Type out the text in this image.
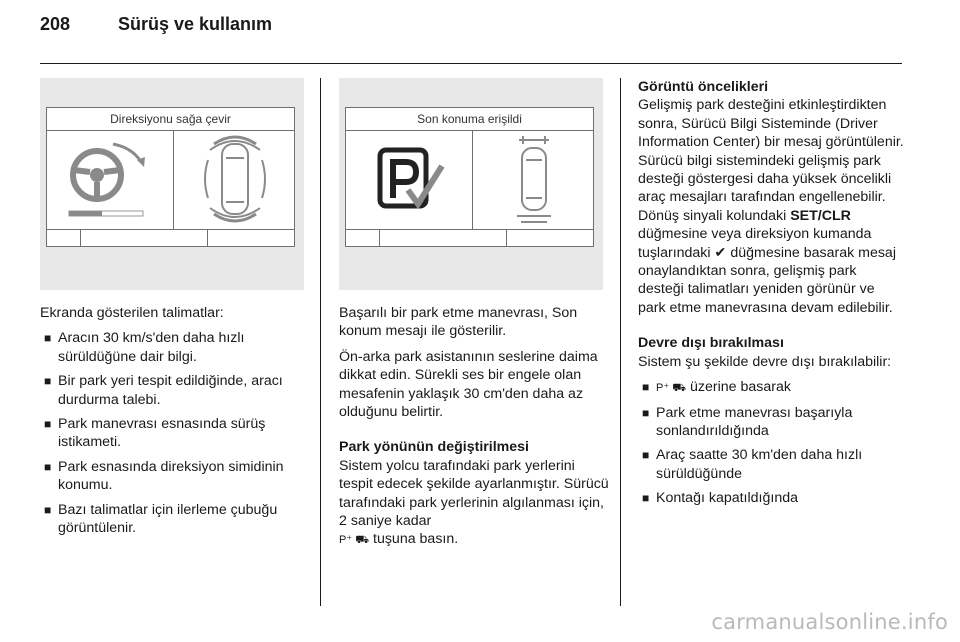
208	Sürüş ve kullanım
Direksiyonu sağa çevir	Son konuma erişildi

Ekranda gösterilen talimatlar:

■ Aracın 30 km/s'den daha hızlı sürüldüğüne dair bilgi.
■ Bir park yeri tespit edildiğinde, aracı durdurma talebi.
■ Park manevrası esnasında sürüş istikameti.
■ Park esnasında direksiyon simidinin konumu.
■ Bazı talimatlar için ilerleme çubuğu görüntülenir.

Başarılı bir park etme manevrası, Son konum mesajı ile gösterilir.

Ön-arka park asistanının seslerine daima dikkat edin. Sürekli ses bir engele olan mesafenin yaklaşık 30 cm'den daha az olduğunu belirtir.

Park yönünün değiştirilmesi

Sistem yolcu tarafındaki park yerlerini tespit edecek şekilde ayarlanmıştır. Sürücü tarafındaki park yerlerinin algılanması için, 2 saniye kadar
P⁺ ⛟ tuşuna basın.

Görüntü öncelikleri

Gelişmiş park desteğini etkinleştirdikten sonra, Sürücü Bilgi Sisteminde (Driver Information Center) bir mesaj görüntülenir. Sürücü bilgi sistemindeki gelişmiş park desteği göstergesi daha yüksek öncelikli araç mesajları tarafından engellenebilir. Dönüş sinyali kolundaki SET/CLR düğmesine veya direksiyon kumanda tuşlarındaki ✔ düğmesine basarak mesaj onaylandıktan sonra, gelişmiş park desteği talimatları yeniden görünür ve park etme manevrasına devam edilebilir.

Devre dışı bırakılması

Sistem şu şekilde devre dışı bırakılabilir:

■ P⁺ ⛟ üzerine basarak
■ Park etme manevrası başarıyla sonlandırıldığında
■ Araç saatte 30 km'den daha hızlı sürüldüğünde
■ Kontağı kapatıldığında
carmanualsonline.info
